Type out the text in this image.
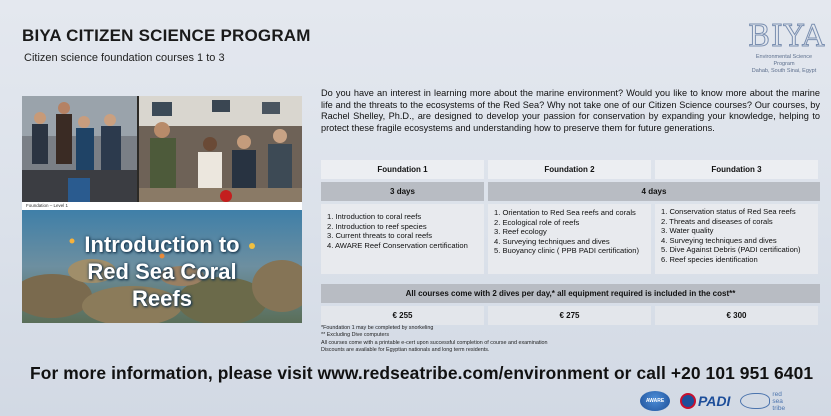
BIYA CITIZEN SCIENCE PROGRAM
Citizen science foundation courses 1 to 3
BIYA
Environmental Science Program
Dahab, South Sinai, Egypt
Foundation – Level 1
Introduction to
Red Sea Coral
Reefs
Do you have an interest in learning more about the marine environment? Would you like to know more about the marine life and the threats to the ecosystems of the Red Sea? Why not take one of our Citizen Science courses? Our courses, by Rachel Shelley, Ph.D., are designed to develop your passion for conservation by expanding your knowledge, helping to protect these fragile ecosystems and understanding how to preserve them for future generations.
Foundation 1	Foundation 2	Foundation 3
3 days	4 days
1. Introduction to coral reefs
2. Introduction to reef species
3. Current threats to coral reefs
4. AWARE Reef Conservation certification
1. Orientation to Red Sea reefs and corals
2. Ecological role of reefs
3. Reef ecology
4. Surveying techniques and dives
5. Buoyancy clinic ( PPB PADI certification)
1. Conservation status of Red Sea reefs
2. Threats and diseases of corals
3. Water quality
4. Surveying techniques and dives
5. Dive Against Debris (PADI certification)
6. Reef species identification
All courses come with 2 dives per day,* all equipment required is included in the cost**
€ 255	€ 275	€ 300
*Foundation 1 may be completed by snorkeling
** Excluding Dive computers
All courses come with a printable e-cert upon successful completion of course and examination
Discounts are available for Egyptian nationals and long term residents.
For more information, please visit www.redseatribe.com/environment or call +20 101 951 6401
AWARE	PADI	red
sea
tribe
